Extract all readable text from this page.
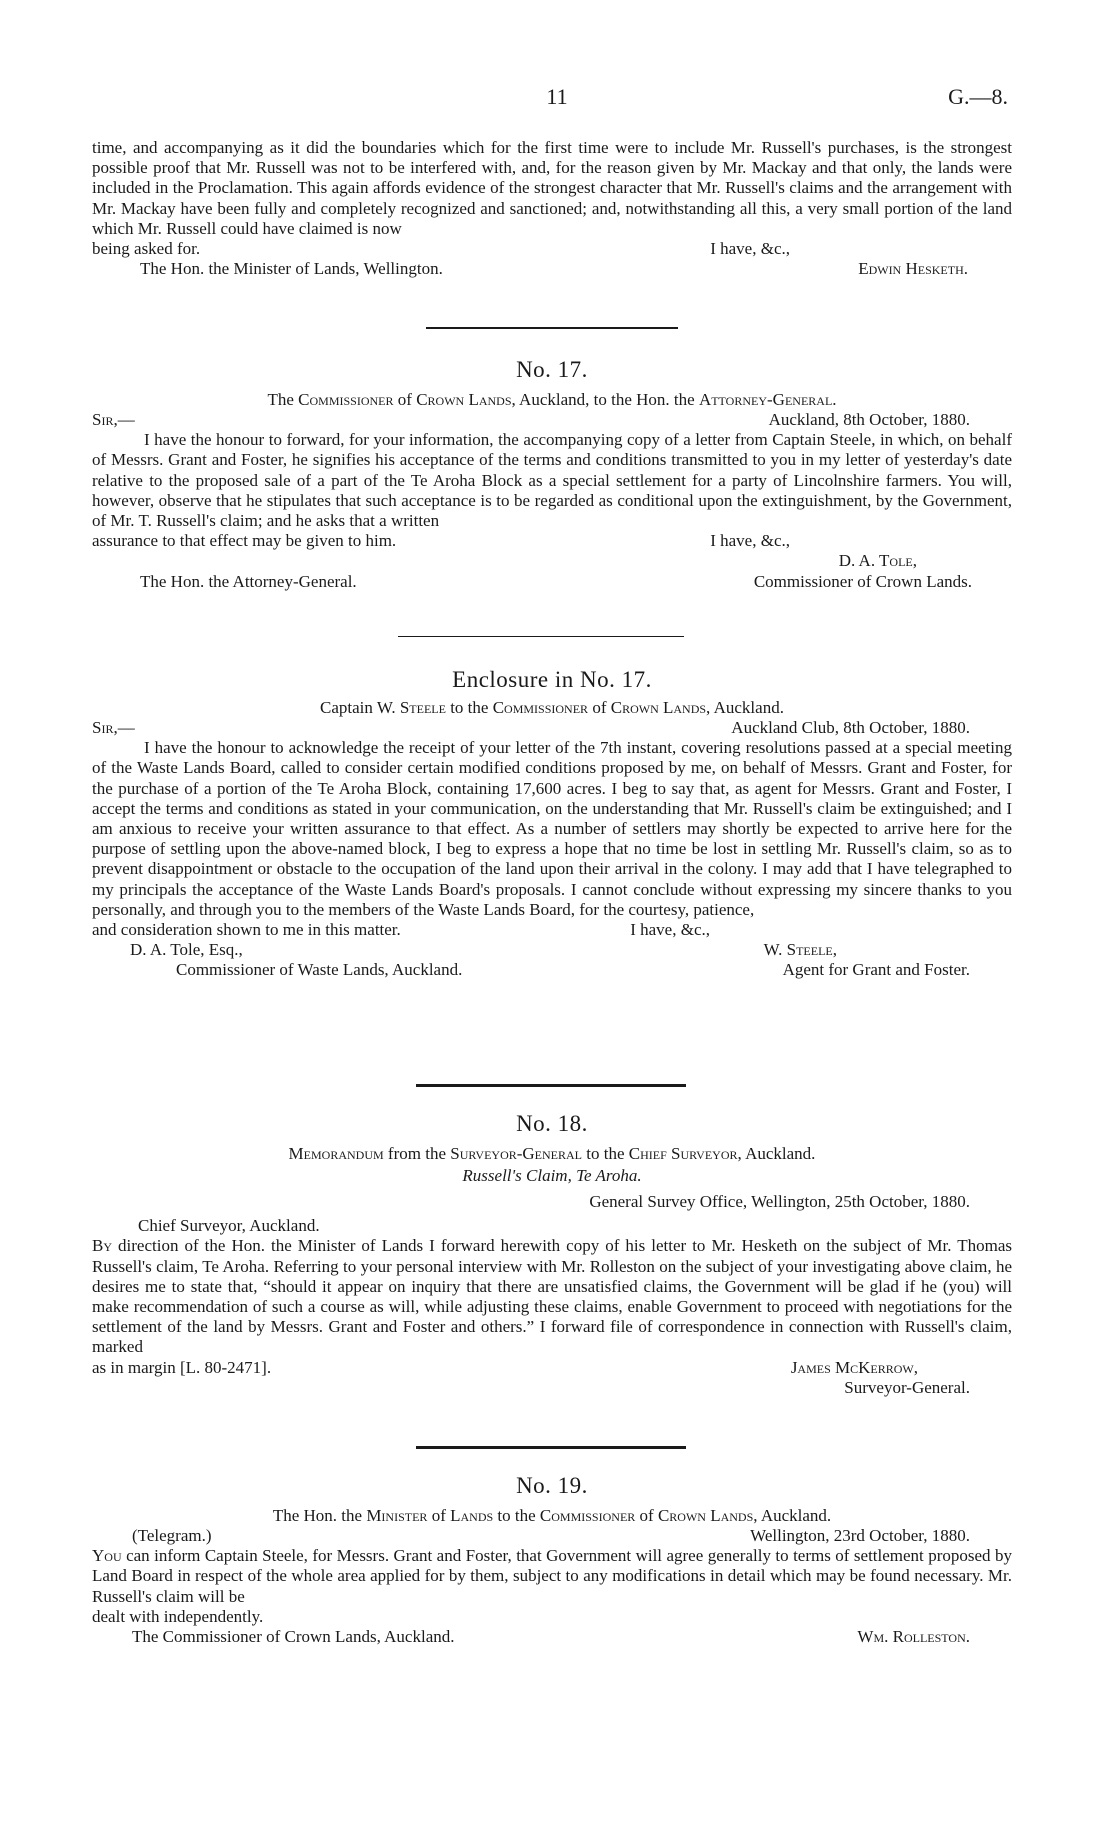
11	G.—8.

time, and accompanying as it did the boundaries which for the first time were to include Mr. Russell's purchases, is the strongest possible proof that Mr. Russell was not to be interfered with, and, for the reason given by Mr. Mackay and that only, the lands were included in the Proclamation. This again affords evidence of the strongest character that Mr. Russell's claims and the arrangement with Mr. Mackay have been fully and completely recognized and sanctioned; and, notwithstanding all this, a very small portion of the land which Mr. Russell could have claimed is now

being asked for.	I have, &c.,
The Hon. the Minister of Lands, Wellington.	Edwin Hesketh.
No. 17.
The Commissioner of Crown Lands, Auckland, to the Hon. the Attorney-General.
Sir,—	Auckland, 8th October, 1880.

I have the honour to forward, for your information, the accompanying copy of a letter from Captain Steele, in which, on behalf of Messrs. Grant and Foster, he signifies his acceptance of the terms and conditions transmitted to you in my letter of yesterday's date relative to the proposed sale of a part of the Te Aroha Block as a special settlement for a party of Lincolnshire farmers. You will, however, observe that he stipulates that such acceptance is to be regarded as conditional upon the extinguishment, by the Government, of Mr. T. Russell's claim; and he asks that a written

assurance to that effect may be given to him.	I have, &c.,
D. A. Tole,
The Hon. the Attorney-General.	Commissioner of Crown Lands.
Enclosure in No. 17.
Captain W. Steele to the Commissioner of Crown Lands, Auckland.
Sir,—	Auckland Club, 8th October, 1880.

I have the honour to acknowledge the receipt of your letter of the 7th instant, covering resolutions passed at a special meeting of the Waste Lands Board, called to consider certain modified conditions proposed by me, on behalf of Messrs. Grant and Foster, for the purchase of a portion of the Te Aroha Block, containing 17,600 acres. I beg to say that, as agent for Messrs. Grant and Foster, I accept the terms and conditions as stated in your communication, on the understanding that Mr. Russell's claim be extinguished; and I am anxious to receive your written assurance to that effect. As a number of settlers may shortly be expected to arrive here for the purpose of settling upon the above-named block, I beg to express a hope that no time be lost in settling Mr. Russell's claim, so as to prevent disappointment or obstacle to the occupation of the land upon their arrival in the colony. I may add that I have telegraphed to my principals the acceptance of the Waste Lands Board's proposals. I cannot conclude without expressing my sincere thanks to you personally, and through you to the members of the Waste Lands Board, for the courtesy, patience,

and consideration shown to me in this matter.	I have, &c.,
D. A. Tole, Esq.,	W. Steele,
Commissioner of Waste Lands, Auckland.	Agent for Grant and Foster.
No. 18.
Memorandum from the Surveyor-General to the Chief Surveyor, Auckland.
Russell's Claim, Te Aroha.
General Survey Office, Wellington, 25th October, 1880.
Chief Surveyor, Auckland.

By direction of the Hon. the Minister of Lands I forward herewith copy of his letter to Mr. Hesketh on the subject of Mr. Thomas Russell's claim, Te Aroha. Referring to your personal interview with Mr. Rolleston on the subject of your investigating above claim, he desires me to state that, “should it appear on inquiry that there are unsatisfied claims, the Government will be glad if he (you) will make recommendation of such a course as will, while adjusting these claims, enable Government to proceed with negotiations for the settlement of the land by Messrs. Grant and Foster and others.” I forward file of correspondence in connection with Russell's claim, marked

as in margin [L. 80-2471].	James McKerrow,
Surveyor-General.
No. 19.
The Hon. the Minister of Lands to the Commissioner of Crown Lands, Auckland.
(Telegram.)	Wellington, 23rd October, 1880.

You can inform Captain Steele, for Messrs. Grant and Foster, that Government will agree generally to terms of settlement proposed by Land Board in respect of the whole area applied for by them, subject to any modifications in detail which may be found necessary. Mr. Russell's claim will be

dealt with independently.
The Commissioner of Crown Lands, Auckland.	Wm. Rolleston.
